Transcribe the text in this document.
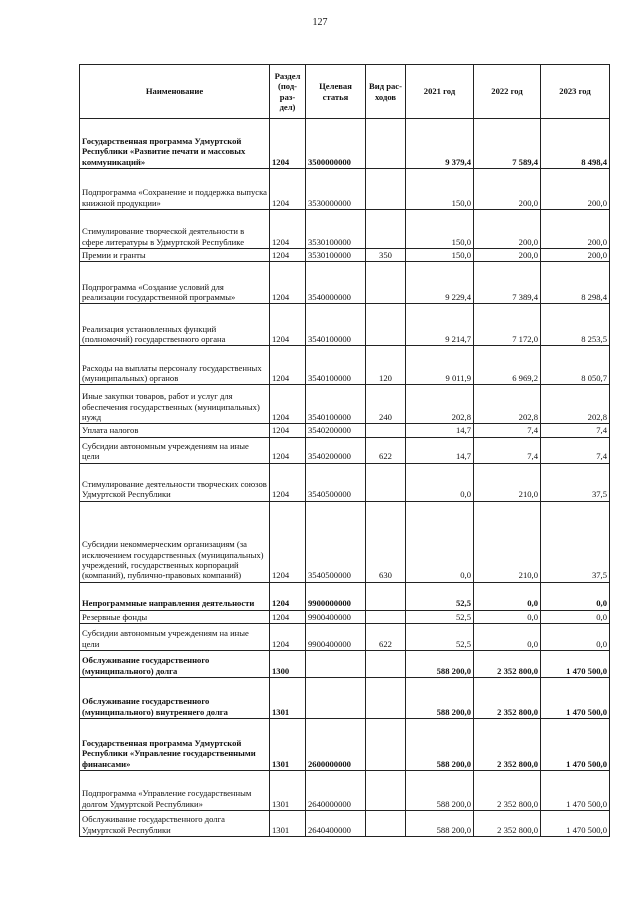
127
Наименование	Раздел (под-раз-дел)	Целевая статья	Вид рас-ходов	2021 год	2022 год	2023 год
Государственная программа Удмуртской Республики «Развитие печати и массовых коммуникаций»	1204	3500000000		9 379,4	7 589,4	8 498,4
Подпрограмма «Сохранение и поддержка выпуска книжной продукции»	1204	3530000000		150,0	200,0	200,0
Стимулирование творческой деятельности в сфере литературы в Удмуртской Республике	1204	3530100000		150,0	200,0	200,0
Премии и гранты	1204	3530100000	350	150,0	200,0	200,0
Подпрограмма «Создание условий для реализации государственной программы»	1204	3540000000		9 229,4	7 389,4	8 298,4
Реализация установленных функций (полномочий) государственного органа	1204	3540100000		9 214,7	7 172,0	8 253,5
Расходы на выплаты персоналу государственных (муниципальных) органов	1204	3540100000	120	9 011,9	6 969,2	8 050,7
Иные закупки товаров, работ и услуг для обеспечения государственных (муниципальных) нужд	1204	3540100000	240	202,8	202,8	202,8
Уплата налогов	1204	3540200000		14,7	7,4	7,4
Субсидии автономным учреждениям на иные цели	1204	3540200000	622	14,7	7,4	7,4
Стимулирование деятельности творческих союзов Удмуртской Республики	1204	3540500000		0,0	210,0	37,5
Субсидии некоммерческим организациям (за исключением государственных (муниципальных) учреждений, государственных корпораций (компаний), публично-правовых компаний)	1204	3540500000	630	0,0	210,0	37,5
Непрограммные направления деятельности	1204	9900000000		52,5	0,0	0,0
Резервные фонды	1204	9900400000		52,5	0,0	0,0
Субсидии автономным учреждениям на иные цели	1204	9900400000	622	52,5	0,0	0,0
Обслуживание государственного (муниципального) долга	1300			588 200,0	2 352 800,0	1 470 500,0
Обслуживание государственного (муниципального) внутреннего долга	1301			588 200,0	2 352 800,0	1 470 500,0
Государственная программа Удмуртской Республики «Управление государственными финансами»	1301	2600000000		588 200,0	2 352 800,0	1 470 500,0
Подпрограмма «Управление государственным долгом Удмуртской Республики»	1301	2640000000		588 200,0	2 352 800,0	1 470 500,0
Обслуживание государственного долга Удмуртской Республики	1301	2640400000		588 200,0	2 352 800,0	1 470 500,0
